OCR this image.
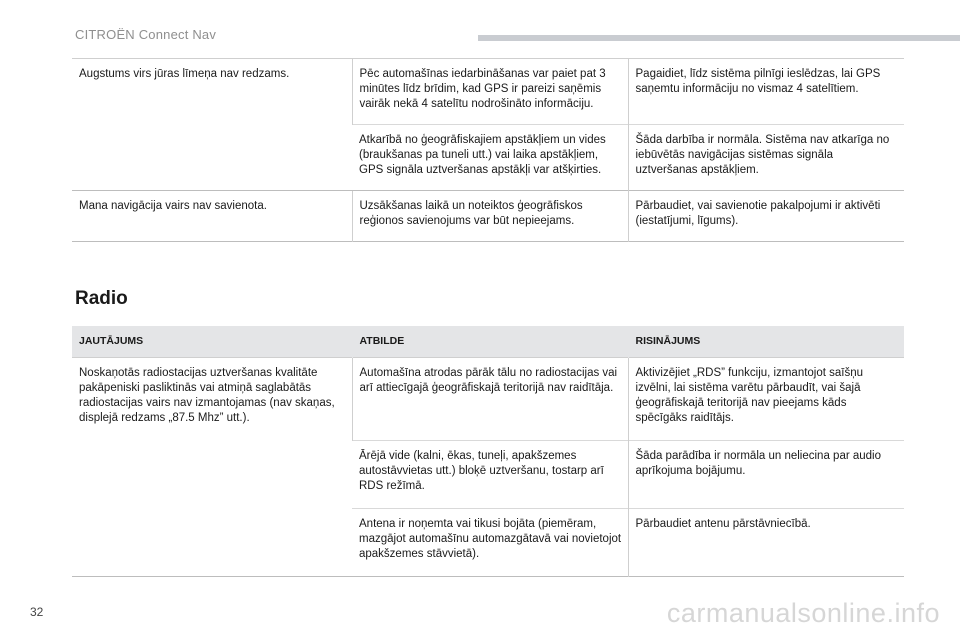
CITROËN Connect Nav
Augstums virs jūras līmeņa nav redzams.	Pēc automašīnas iedarbināšanas var paiet pat 3 minūtes līdz brīdim, kad GPS ir pareizi saņēmis vairāk nekā 4 satelītu nodrošināto informāciju.	Pagaidiet, līdz sistēma pilnīgi ieslēdzas, lai GPS saņemtu informāciju no vismaz 4 satelītiem.
	Atkarībā no ģeogrāfiskajiem apstākļiem un vides (braukšanas pa tuneli utt.) vai laika apstākļiem, GPS signāla uztveršanas apstākļi var atšķirties.	Šāda darbība ir normāla. Sistēma nav atkarīga no iebūvētās navigācijas sistēmas signāla uztveršanas apstākļiem.
Mana navigācija vairs nav savienota.	Uzsākšanas laikā un noteiktos ģeogrāfiskos reģionos savienojums var būt nepieejams.	Pārbaudiet, vai savienotie pakalpojumi ir aktivēti (iestatījumi, līgums).
Radio
JAUTĀJUMS	ATBILDE	RISINĀJUMS
Noskaņotās radiostacijas uztveršanas kvalitāte pakāpeniski pasliktinās vai atmiņā saglabātās radiostacijas vairs nav izmantojamas (nav skaņas, displejā redzams „87.5 Mhz” utt.).	Automašīna atrodas pārāk tālu no radiostacijas vai arī attiecīgajā ģeogrāfiskajā teritorijā nav raidītāja.	Aktivizējiet „RDS” funkciju, izmantojot saīšņu izvēlni, lai sistēma varētu pārbaudīt, vai šajā ģeogrāfiskajā teritorijā nav pieejams kāds spēcīgāks raidītājs.
	Ārējā vide (kalni, ēkas, tuneļi, apakšzemes autostāvvietas utt.) bloķē uztveršanu, tostarp arī RDS režīmā.	Šāda parādība ir normāla un neliecina par audio aprīkojuma bojājumu.
	Antena ir noņemta vai tikusi bojāta (piemēram, mazgājot automašīnu automazgātavā vai novietojot apakšzemes stāvvietā).	Pārbaudiet antenu pārstāvniecībā.
32	carmanualsonline.info
